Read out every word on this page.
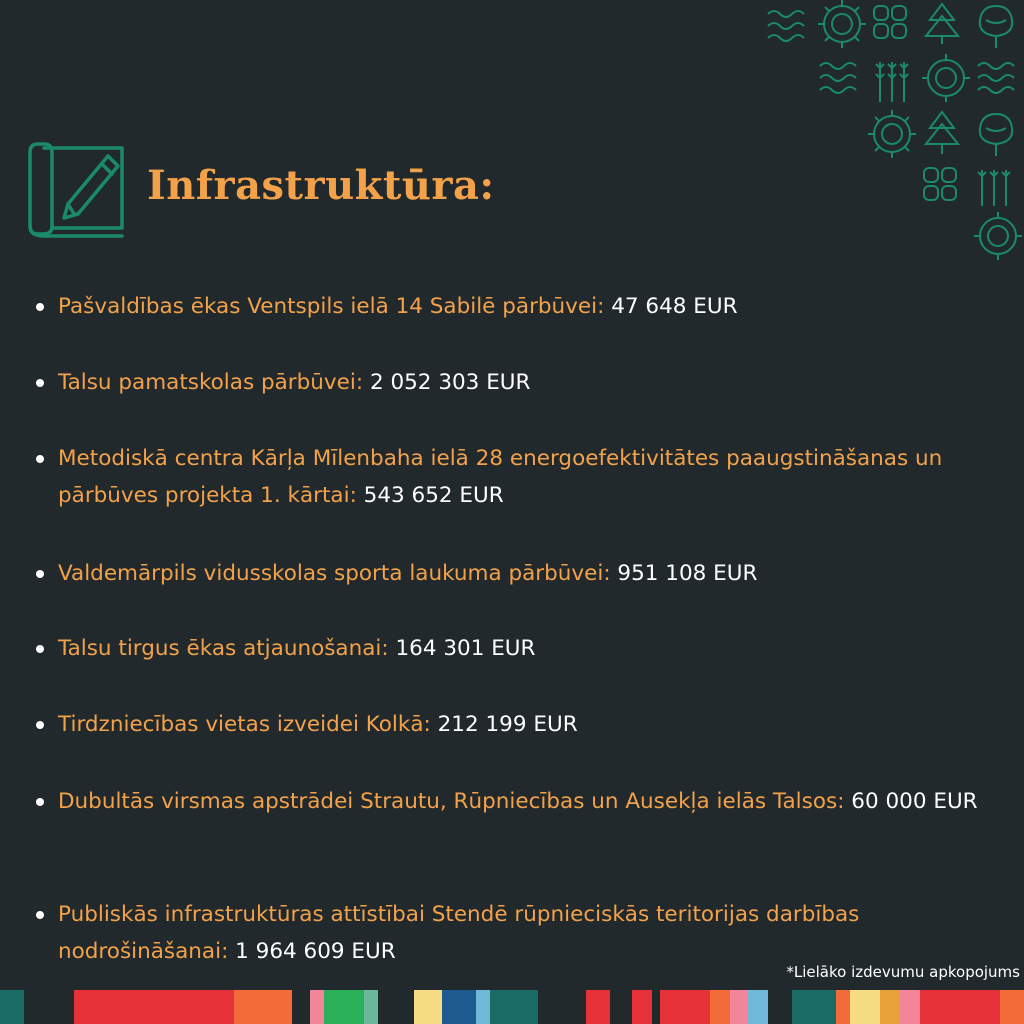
Infrastruktūra:
Pašvaldības ēkas Ventspils ielā 14 Sabilē pārbūvei: 47 648 EUR
Talsu pamatskolas pārbūvei: 2 052 303 EUR
Metodiskā centra Kārļa Mīlenbaha ielā 28 energoefektivitātes paaugstināšanas un pārbūves projekta 1. kārtai: 543 652 EUR
Valdemārpils vidusskolas sporta laukuma pārbūvei: 951 108 EUR
Talsu tirgus ēkas atjaunošanai: 164 301 EUR
Tirdzniecības vietas izveidei Kolkā: 212 199 EUR
Dubultās virsmas apstrādei Strautu, Rūpniecības un Ausekļa ielās Talsos: 60 000 EUR
Publiskās infrastruktūras attīstībai Stendē rūpnieciskās teritorijas darbības nodrošināšanai: 1 964 609 EUR
*Lielāko izdevumu apkopojums
